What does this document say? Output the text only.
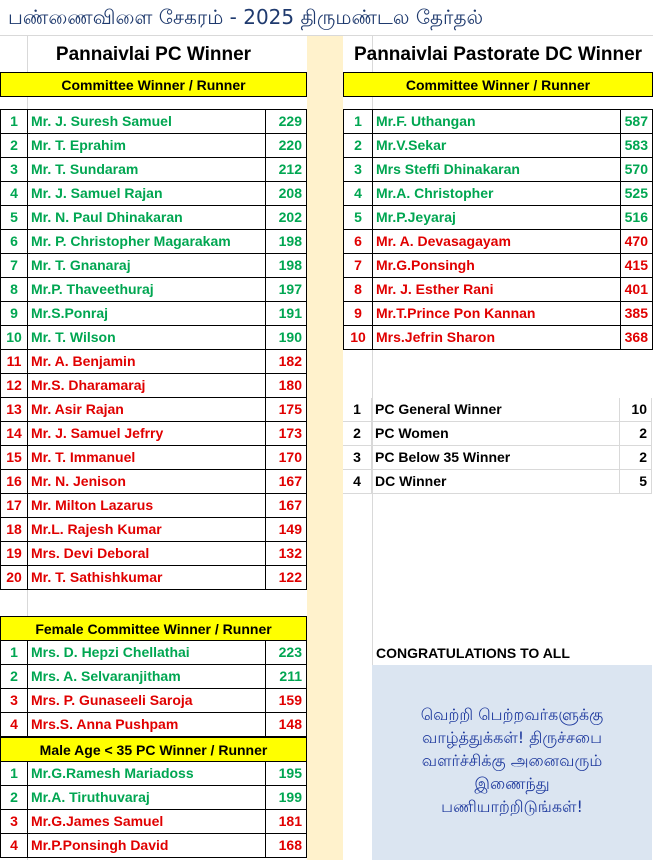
பண்ணைவிளை சேகரம் - 2025 திருமண்டல தேர்தல்
Pannaivlai PC Winner
Committee Winner / Runner
Pannaivlai Pastorate DC Winner
Committee Winner / Runner
1 Mr. J. Suresh Samuel	229
2 Mr. T. Eprahim	220
3 Mr. T. Sundaram	212
4 Mr. J. Samuel Rajan	208
5 Mr. N. Paul Dhinakaran	202
6 Mr. P. Christopher Magarakam	198
7 Mr. T. Gnanaraj	198
8 Mr.P. Thaveethuraj	197
9 Mr.S.Ponraj	191
10 Mr. T. Wilson	190
11 Mr. A. Benjamin	182
12 Mr.S. Dharamaraj	180
13 Mr. Asir Rajan	175
14 Mr. J. Samuel Jefrry	173
15 Mr. T. Immanuel	170
16 Mr. N. Jenison	167
17 Mr. Milton Lazarus	167
18 Mr.L. Rajesh Kumar	149
19 Mrs. Devi Deboral	132
20 Mr. T. Sathishkumar	122
1	Mr.F. Uthangan	587
2	Mr.V.Sekar	583
3	Mrs Steffi Dhinakaran	570
4	Mr.A. Christopher	525
5	Mr.P.Jeyaraj	516
6	Mr. A. Devasagayam	470
7	Mr.G.Ponsingh	415
8	Mr. J. Esther Rani	401
9	Mr.T.Prince Pon Kannan	385
10 Mrs.Jefrin Sharon	368
Female Committee Winner / Runner
1 Mrs. D. Hepzi Chellathai	223
2 Mrs. A. Selvaranjitham	211
3 Mrs. P. Gunaseeli Saroja	159
4 Mrs.S. Anna Pushpam	148
Male Age < 35 PC Winner / Runner
1 Mr.G.Ramesh Mariadoss	195
2 Mr.A. Tiruthuvaraj	199
3 Mr.G.James Samuel	181
4 Mr.P.Ponsingh David	168
1	PC General Winner	10
2	PC Women	2
3	PC Below 35 Winner	2
4	DC Winner	5
CONGRATULATIONS TO ALL
வெற்றி பெற்றவர்களுக்கு
வாழ்த்துக்கள்! திருச்சபை
வளர்ச்சிக்கு அனைவரும்
இணைந்து
பணியாற்றிடுங்கள்!
